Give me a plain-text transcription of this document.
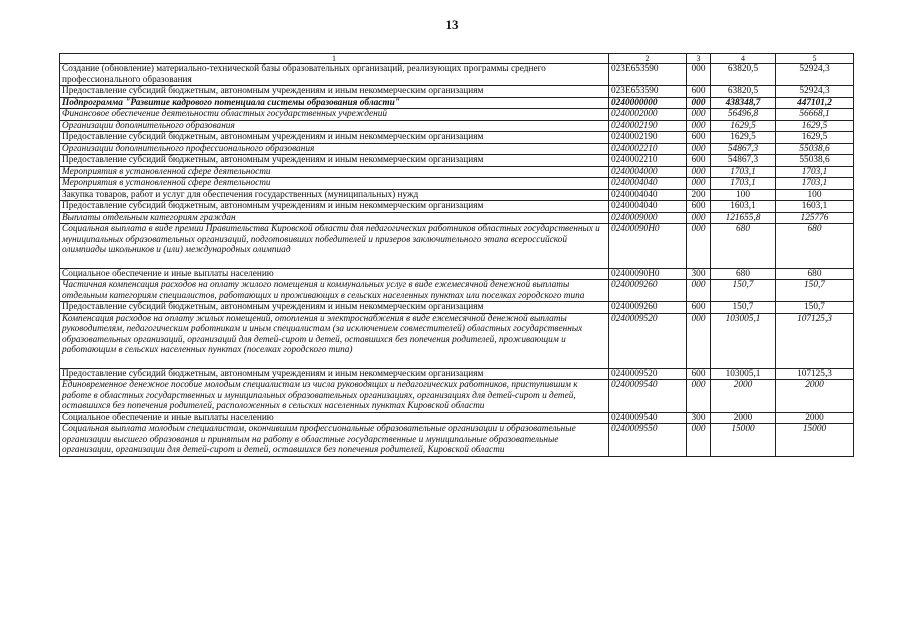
13
1	2	3	4	5
Создание (обновление) материально-технической базы образовательных организаций, реализующих программы среднего профессионального образования	023E653590	000	63820,5	52924,3
Предоставление субсидий бюджетным, автономным учреждениям и иным некоммерческим организациям	023E653590	600	63820,5	52924,3
Подпрограмма "Развитие кадрового потенциала системы образования области"	0240000000	000	438348,7	447101,2
Финансовое обеспечение деятельности областных государственных учреждений	0240002000	000	56496,8	56668,1
Организации дополнительного образования	0240002190	000	1629,5	1629,5
Предоставление субсидий бюджетным, автономным учреждениям и иным некоммерческим организациям	0240002190	600	1629,5	1629,5
Организации дополнительного профессионального образования	0240002210	000	54867,3	55038,6
Предоставление субсидий бюджетным, автономным учреждениям и иным некоммерческим организациям	0240002210	600	54867,3	55038,6
Мероприятия в установленной сфере деятельности	0240004000	000	1703,1	1703,1
Мероприятия в установленной сфере деятельности	0240004040	000	1703,1	1703,1
Закупка товаров, работ и услуг для обеспечения государственных (муниципальных) нужд	0240004040	200	100	100
Предоставление субсидий бюджетным, автономным учреждениям и иным некоммерческим организациям	0240004040	600	1603,1	1603,1
Выплаты отдельным категориям граждан	0240009000	000	121655,8	125776
Социальная выплата в виде премии Правительства Кировской области для педагогических работников областных государственных и муниципальных образовательных организаций, подготовивших победителей и призеров заключительного этапа всероссийской олимпиады школьников и (или) международных олимпиад	02400090Н0	000	680	680
Социальное обеспечение и иные выплаты населению	02400090Н0	300	680	680
Частичная компенсация расходов на оплату жилого помещения и коммунальных услуг в виде ежемесячной денежной выплаты отдельным категориям специалистов, работающих и проживающих в сельских населенных пунктах или поселках городского типа	0240009260	000	150,7	150,7
Предоставление субсидий бюджетным, автономным учреждениям и иным некоммерческим организациям	0240009260	600	150,7	150,7
Компенсация расходов на оплату жилых помещений, отопления и электроснабжения в виде ежемесячной денежной выплаты руководителям, педагогическим работникам и иным специалистам (за исключением совместителей) областных государственных образовательных организаций, организаций для детей-сирот и детей, оставшихся без попечения родителей, проживающим и работающим в сельских населенных пунктах (поселках городского типа)	0240009520	000	103005,1	107125,3
Предоставление субсидий бюджетным, автономным учреждениям и иным некоммерческим организациям	0240009520	600	103005,1	107125,3
Единовременное денежное пособие молодым специалистам из числа руководящих и педагогических работников, приступившим к работе в областных государственных и муниципальных образовательных организациях, организациях для детей-сирот и детей, оставшихся без попечения родителей, расположенных в сельских населенных пунктах Кировской области	0240009540	000	2000	2000
Социальное обеспечение и иные выплаты населению	0240009540	300	2000	2000
Социальная выплата молодым специалистам, окончившим профессиональные образовательные организации и образовательные организации высшего образования и принятым на работу в областные государственные и муниципальные образовательные организации, организации для детей-сирот и детей, оставшихся без попечения родителей, Кировской области	0240009550	000	15000	15000
